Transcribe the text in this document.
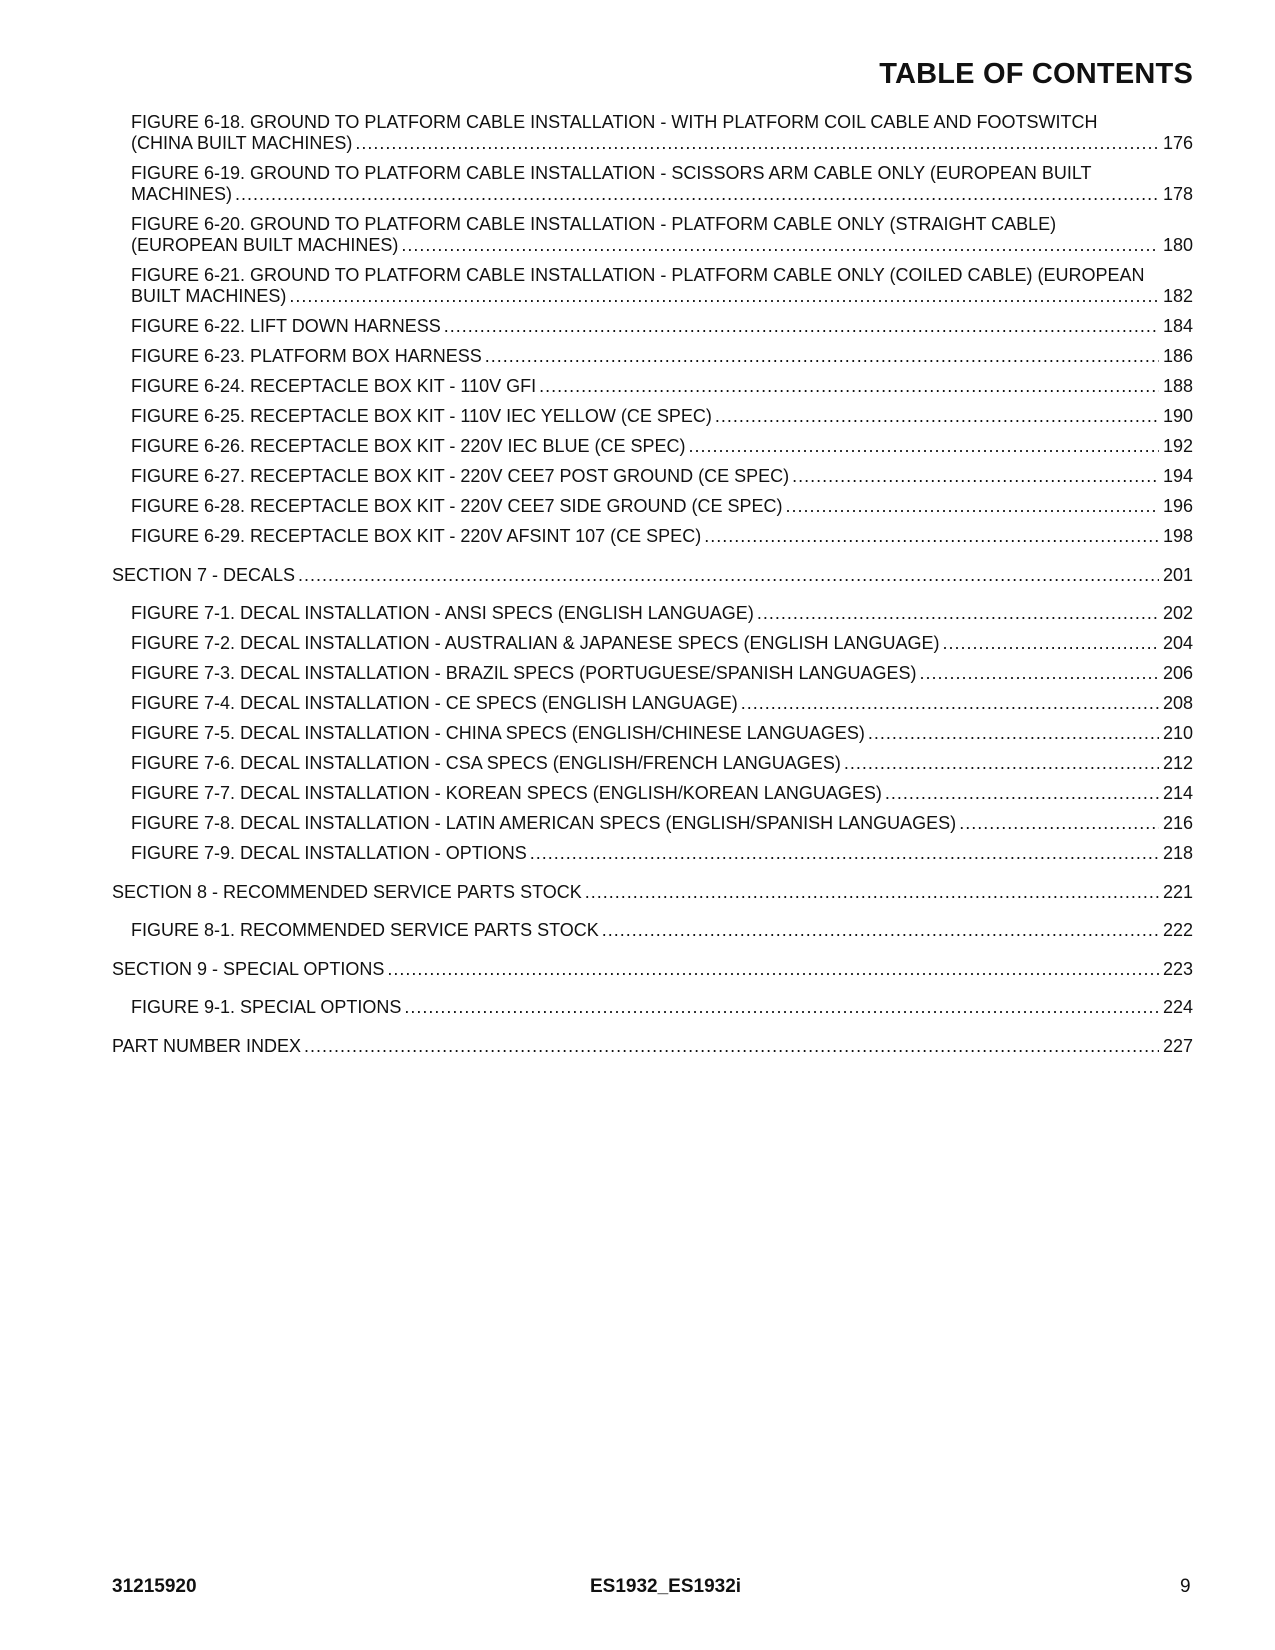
TABLE OF CONTENTS
FIGURE 6-18. GROUND TO PLATFORM CABLE INSTALLATION - WITH PLATFORM COIL CABLE AND FOOTSWITCH
(CHINA BUILT MACHINES) .....	176
FIGURE 6-19. GROUND TO PLATFORM CABLE INSTALLATION - SCISSORS ARM CABLE ONLY (EUROPEAN BUILT
MACHINES) .....	178
FIGURE 6-20. GROUND TO PLATFORM CABLE INSTALLATION - PLATFORM CABLE ONLY (STRAIGHT CABLE)
(EUROPEAN BUILT MACHINES) .....	180
FIGURE 6-21. GROUND TO PLATFORM CABLE INSTALLATION - PLATFORM CABLE ONLY (COILED CABLE) (EUROPEAN
BUILT MACHINES) .....	182
FIGURE 6-22. LIFT DOWN HARNESS .....	184
FIGURE 6-23. PLATFORM BOX HARNESS .....	186
FIGURE 6-24. RECEPTACLE BOX KIT - 110V GFI .....	188
FIGURE 6-25. RECEPTACLE BOX KIT - 110V IEC YELLOW (CE SPEC) .....	190
FIGURE 6-26. RECEPTACLE BOX KIT - 220V IEC BLUE (CE SPEC) .....	192
FIGURE 6-27. RECEPTACLE BOX KIT - 220V CEE7 POST GROUND (CE SPEC) .....	194
FIGURE 6-28. RECEPTACLE BOX KIT - 220V CEE7 SIDE GROUND (CE SPEC) .....	196
FIGURE 6-29. RECEPTACLE BOX KIT - 220V AFSINT 107 (CE SPEC) .....	198
SECTION 7 - DECALS .....	201
FIGURE 7-1. DECAL INSTALLATION - ANSI SPECS (ENGLISH LANGUAGE) .....	202
FIGURE 7-2. DECAL INSTALLATION - AUSTRALIAN & JAPANESE SPECS (ENGLISH LANGUAGE) .....	204
FIGURE 7-3. DECAL INSTALLATION - BRAZIL SPECS (PORTUGUESE/SPANISH LANGUAGES) .....	206
FIGURE 7-4. DECAL INSTALLATION - CE SPECS (ENGLISH LANGUAGE) .....	208
FIGURE 7-5. DECAL INSTALLATION - CHINA SPECS (ENGLISH/CHINESE LANGUAGES) .....	210
FIGURE 7-6. DECAL INSTALLATION - CSA SPECS (ENGLISH/FRENCH LANGUAGES) .....	212
FIGURE 7-7. DECAL INSTALLATION - KOREAN SPECS (ENGLISH/KOREAN LANGUAGES) .....	214
FIGURE 7-8. DECAL INSTALLATION - LATIN AMERICAN SPECS (ENGLISH/SPANISH LANGUAGES) .....	216
FIGURE 7-9. DECAL INSTALLATION - OPTIONS .....	218
SECTION 8 - RECOMMENDED SERVICE PARTS STOCK .....	221
FIGURE 8-1. RECOMMENDED SERVICE PARTS STOCK .....	222
SECTION 9 - SPECIAL OPTIONS .....	223
FIGURE 9-1. SPECIAL OPTIONS .....	224
PART NUMBER INDEX .....	227
31215920	ES1932_ES1932i	9
